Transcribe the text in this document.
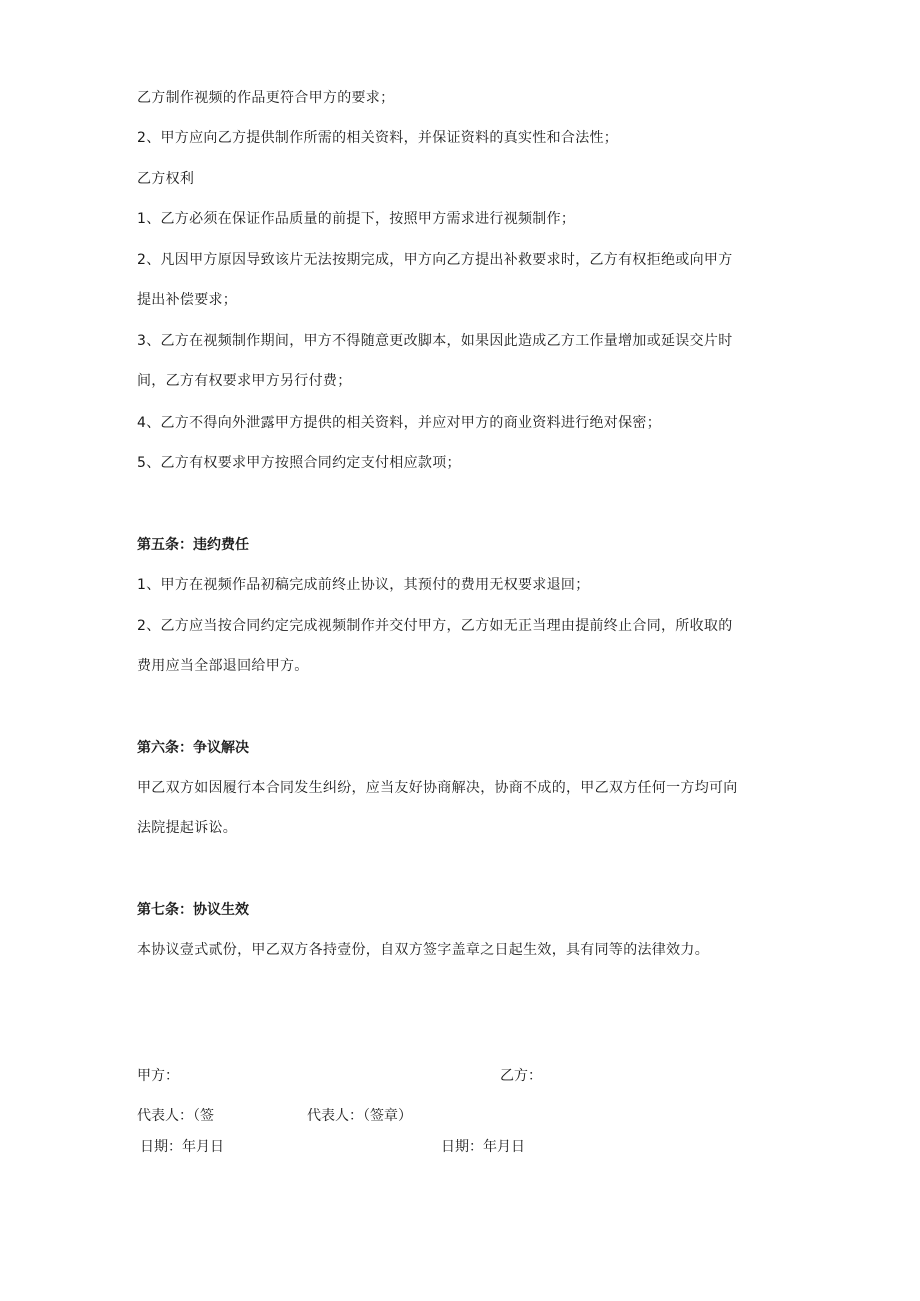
乙方制作视频的作品更符合甲方的要求；
2、甲方应向乙方提供制作所需的相关资料，并保证资料的真实性和合法性；
乙方权利
1、乙方必须在保证作品质量的前提下，按照甲方需求进行视频制作；
2、凡因甲方原因导致该片无法按期完成，甲方向乙方提出补救要求时，乙方有权拒绝或向甲方
提出补偿要求；
3、乙方在视频制作期间，甲方不得随意更改脚本，如果因此造成乙方工作量增加或延误交片时
间，乙方有权要求甲方另行付费；
4、乙方不得向外泄露甲方提供的相关资料，并应对甲方的商业资料进行绝对保密；
5、乙方有权要求甲方按照合同约定支付相应款项；
第五条：违约费任
1、甲方在视频作品初稿完成前终止协议，其预付的费用无权要求退回；
2、乙方应当按合同约定完成视频制作并交付甲方，乙方如无正当理由提前终止合同，所收取的
费用应当全部退回给甲方。
第六条：争议解决
甲乙双方如因履行本合同发生纠纷，应当友好协商解决，协商不成的，甲乙双方任何一方均可向
法院提起诉讼。
第七条：协议生效
本协议壹式贰份，甲乙双方各持壹份，自双方签字盖章之日起生效，具有同等的法律效力。
甲方：	乙方：
代表人：（签	代表人：（签章）
日期：年月日	日期：年月日
